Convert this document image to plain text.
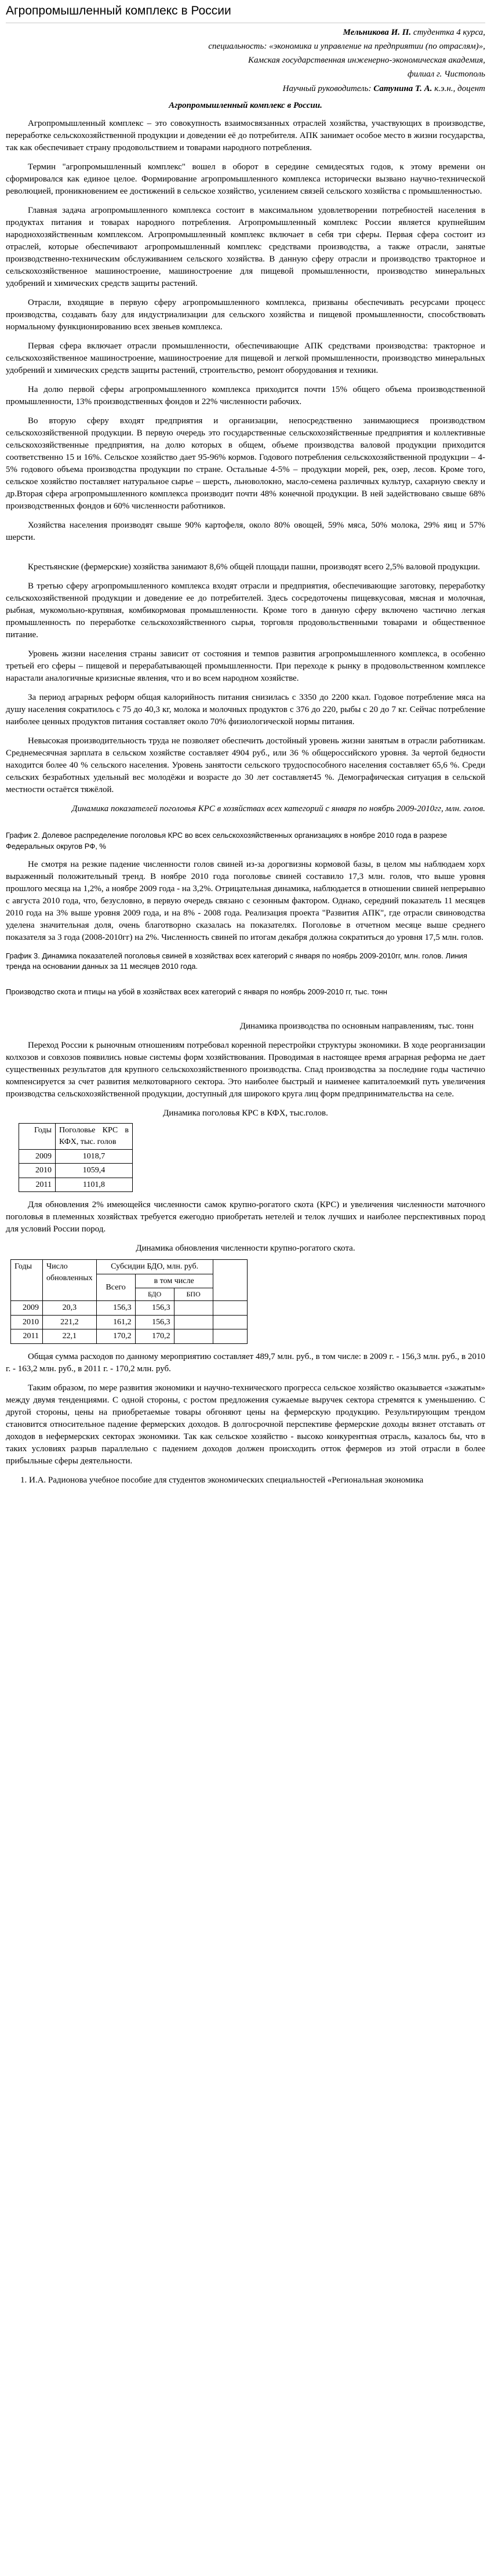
Агропромышленный комплекс в России

Мельникова И. П. студентка 4 курса,

специальность: «экономика и управление на предприятии (по отраслям)»,

Камская государственная инженерно-экономическая академия,

филиал г. Чистополь

Научный руководитель: Сатунина Т. А. к.э.н., доцент

Агропромышленный комплекс в России.

Агропромышленный комплекс – это совокупность взаимосвязанных отраслей хозяйства, участвующих в производстве, переработке сельскохозяйственной продукции и доведении её до потребителя. АПК занимает особое место в жизни государства, так как обеспечивает страну продовольствием и товарами народного потребления.

Термин "агропромышленный комплекс" вошел в оборот в середине семидесятых годов, к этому времени он сформировался как единое целое. Формирование агропромышленного комплекса исторически вызвано научно-технической революцией, проникновением ее достижений в сельское хозяйство, усилением связей сельского хозяйства с промышленностью.

Главная задача агропромышленного комплекса состоит в максимальном удовлетворении потребностей населения в продуктах питания и товарах народного потребления. Агропромышленный комплекс России является крупнейшим народнохозяйственным комплексом. Агропромышленный комплекс включает в себя три сферы. Первая сфера состоит из отраслей, которые обеспечивают агропромышленный комплекс средствами производства, а также отрасли, занятые производственно-техническим обслуживанием сельского хозяйства. В данную сферу отрасли и производство тракторное и сельскохозяйственное машиностроение, машиностроение для пищевой промышленности, производство минеральных удобрений и химических средств защиты растений.

Отрасли, входящие в первую сферу агропромышленного комплекса, призваны обеспечивать ресурсами процесс производства, создавать базу для индустриализации для сельского хозяйства и пищевой промышленности, способствовать нормальному функционированию всех звеньев комплекса.

Первая сфера включает отрасли промышленности, обеспечивающие АПК средствами производства: тракторное и сельскохозяйственное машиностроение, машиностроение для пищевой и легкой промышленности, производство минеральных удобрений и химических средств защиты растений, строительство, ремонт оборудования и техники.

На долю первой сферы агропромышленного комплекса приходится почти 15% общего объема производственной промышленности, 13% производственных фондов и 22% численности рабочих.

Во вторую сферу входят предприятия и организации, непосредственно занимающиеся производством сельскохозяйственной продукции. В первую очередь это государственные сельскохозяйственные предприятия и коллективные сельскохозяйственные предприятия, на долю которых в общем, объеме производства валовой продукции приходится соответственно 15 и 16%. Сельское хозяйство дает 95-96% кормов. Годового потребления сельскохозяйственной продукции – 4-5% годового объема производства продукции по стране. Остальные 4-5% – продукции морей, рек, озер, лесов. Кроме того, сельское хозяйство поставляет натуральное сырье – шерсть, льноволокно, масло-семена различных культур, сахарную свеклу и др.Вторая сфера агропромышленного комплекса производит почти 48% конечной продукции. В ней задействовано свыше 68% производственных фондов и 60% численности работников.

Хозяйства населения производят свыше 90% картофеля, около 80% овощей, 59% мяса, 50% молока, 29% яиц и 57% шерсти.

Крестьянские (фермерские) хозяйства занимают 8,6% общей площади пашни, производят всего 2,5% валовой продукции.

В третью сферу агропромышленного комплекса входят отрасли и предприятия, обеспечивающие заготовку, переработку сельскохозяйственной продукции и доведение ее до потребителей. Здесь сосредоточены пищевкусовая, мясная и молочная, рыбная, мукомольно-крупяная, комбикормовая промышленности. Кроме того в данную сферу включено частично легкая промышленность по переработке сельскохозяйственного сырья, торговля продовольственными товарами и общественное питание.

Уровень жизни населения страны зависит от состояния и темпов развития агропромышленного комплекса, в особенно третьей его сферы – пищевой и перерабатывающей промышленности. При переходе к рынку в продовольственном комплексе нарастали аналогичные кризисные явления, что и во всем народном хозяйстве.

За период аграрных реформ общая калорийность питания снизилась с 3350 до 2200 ккал. Годовое потребление мяса на душу населения сократилось с 75 до 40,3 кг, молока и молочных продуктов с 376 до 220, рыбы с 20 до 7 кг. Сейчас потребление наиболее ценных продуктов питания составляет около 70% физиологической нормы питания.

Невысокая производительность труда не позволяет обеспечить достойный уровень жизни занятым в отрасли работникам. Среднемесячная зарплата в сельском хозяйстве составляет 4904 руб., или 36 % общероссийского уровня. За чертой бедности находится более 40 % сельского населения. Уровень занятости сельского трудоспособного населения составляет 65,6 %. Среди сельских безработных удельный вес молодёжи и возрасте до 30 лет составляет45 %. Демографическая ситуация в сельской местности остаётся тяжёлой.

Динамика показателей поголовья КРС в хозяйствах всех категорий с января по ноябрь 2009-2010гг, млн. голов.

График 2. Долевое распределение поголовья КРС во всех сельскохозяйственных организациях в ноябре 2010 года в разрезе Федеральных округов РФ, %

Не смотря на резкие падение численности голов свиней из-за дорогвизны кормовой базы, в целом мы наблюдаем хорх выраженный положительный тренд. В ноябре 2010 года поголовье свиней составило 17,3 млн. голов, что выше уровня прошлого месяца на 1,2%, а ноябре 2009 года - на 3,2%. Отрицательная динамика, наблюдается в отношении свиней непрерывно с августа 2010 года, что, безусловно, в первую очередь связано с сезонным фактором. Однако, середний показатель 11 месяцев 2010 года на 3% выше уровня 2009 года, и на 8% - 2008 года. Реализация проекта "Развития АПК", где отрасли свиноводства уделена значительная доля, очень благотворно сказалась на показателях. Поголовье в отчетном месяце выше среднего показателя за 3 года (2008-2010гг) на 2%. Численность свиней по итогам декабря должна сократиться до уровня 17,5 млн. голов.

График 3. Динамика показателей поголовья свиней в хозяйствах всех категорий с января по ноябрь 2009-2010гг, млн. голов. Линия тренда на основании данных за 11 месяцев 2010 года.

Производство скота и птицы на убой в хозяйствах всех категорий с января по ноябрь 2009-2010 гг, тыс. тонн

Динамика производства по основным направлениям, тыс. тонн

Переход России к рыночным отношениям потребовал коренной перестройки структуры экономики. В ходе реорганизации колхозов и совхозов появились новые системы форм хозяйствования. Проводимая в настоящее время аграрная реформа не дает существенных результатов для крупного сельскохозяйственного производства. Спад производства за последние годы частично компенсируется за счет развития мелкотоварного сектора. Это наиболее быстрый и наименее капиталоемкий путь увеличения производства сельскохозяйственной продукции, доступный для широкого круга лиц форм предпринимательства на селе.

Динамика поголовья КРС в КФХ, тыс.голов.

Годы	Поголовье КРС в КФХ, тыс. голов
2009	1018,7
2010	1059,4
2011	1101,8

Для обновления 2% имеющейся численности самок крупно-рогатого скота (КРС) и увеличения численности маточного поголовья в племенных хозяйствах требуется ежегодно приобретать нетелей и телок лучших и наиболее перспективных пород для условий России пород.

Динамика обновления численности крупно-рогатого скота.

Годы	Число обновленных	Субсидии БДО, млн. руб.			
		Всего	в том числе		
			БДО	БПО	
2009	20,3	156,3	156,3		
2010	221,2	161,2	156,3		
2011	22,1	170,2	170,2		

Общая сумма расходов по данному мероприятию составляет 489,7 млн. руб., в том числе: в 2009 г. - 156,3 млн. руб., в 2010 г. - 163,2 млн. руб., в 2011 г. - 170,2 млн. руб.

Таким образом, по мере развития экономики и научно-технического прогресса сельское хозяйство оказывается «зажатым» между двумя тенденциями. С одной стороны, с ростом предложения сужаемые выручек сектора стремятся к уменьшению. С другой стороны, цены на приобретаемые товары обгоняют цены на фермерскую продукцию. Результирующим трендом становится относительное падение фермерских доходов. В долгосрочной перспективе фермерские доходы вязнет отставать от доходов в нефермерских секторах экономики. Так как сельское хозяйство - высоко конкурентная отрасль, казалось бы, что в таких условиях разрыв параллельно с падением доходов должен происходить отток фермеров из этой отрасли в более прибыльные сферы деятельности.

1. И.А. Радионова учебное пособие для студентов экономических специальностей «Региональная экономика
